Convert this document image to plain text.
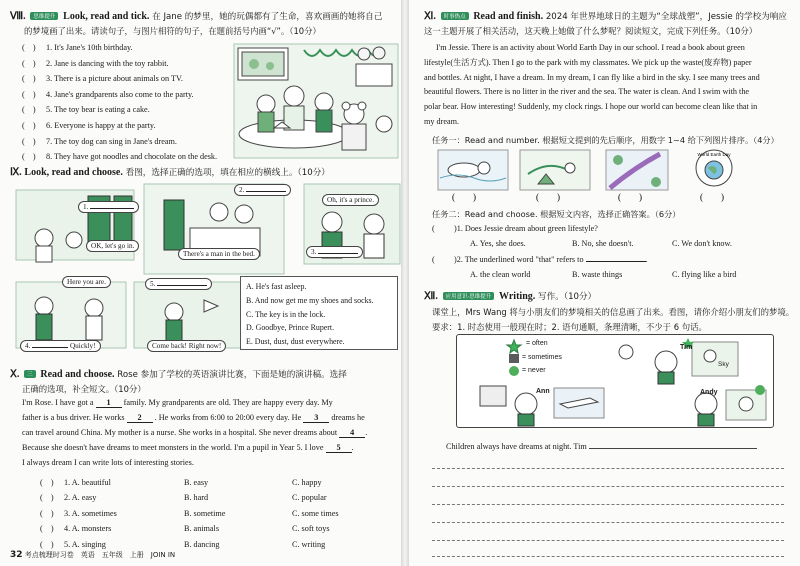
Ⅷ. 思维提升 Look, read and tick. 在 Jane 的梦里，她的玩偶都有了生命，喜欢画画的她将自己
的梦境画了出来。请读句子，与图片相符的句子，在题前括号内画“√”。（10分）
(　) 1. It's Jane's 10th birthday.
(　) 2. Jane is dancing with the toy rabbit.
(　) 3. There is a picture about animals on TV.
(　) 4. Jane's grandparents also come to the party.
(　) 5. The toy bear is eating a cake.
(　) 6. Everyone is happy at the party.
(　) 7. The toy dog can sing in Jane's dream.
(　) 8. They have got noodles and chocolate on the desk.
Ⅸ. Look, read and choose. 看图，选择正确的选项，填在相应的横线上。（10分）
1.
OK, let's go in.
2.
Oh, it's a prince.
There's a man in the bed.	3.
Here you are.	5.
4.	Quickly!	Come back! Right now!
A. He's fast asleep.
B. And now get me my shoes and socks.
C. The key is in the lock.
D. Goodbye, Prince Rupert.
E. Dust, dust, dust everywhere.
Ⅹ. 三 Read and choose. Rose 参加了学校的英语演讲比赛，下面是她的演讲稿。选择
正确的选项，补全短文。（10分）
I'm Rose. I have got a 1 family. My grandparents are old. They are happy every day. My
father is a bus driver. He works 2 . He works from 6:00 to 20:00 every day. He 3 dreams he
can travel around China. My mother is a nurse. She works in a hospital. She never dreams about 4 .
Because she doesn't have dreams to meet monsters in the world. I'm a pupil in Year 5. I love 5 .
I always dream I can write lots of interesting stories.
(　) 1. A. beautiful	B. easy	C. happy
(　) 2. A. easy	B. hard	C. popular
(　) 3. A. sometimes	B. sometime	C. some times
(　) 4. A. monsters	B. animals	C. soft toys
(　) 5. A. singing	B. dancing	C. writing
32 考点梳理时习卷　英语　五年级　上册　JOIN IN
Ⅺ. 时事热点 Read and finish. 2024 年世界地球日的主题为“全球战塑”，Jessie 的学校为响应
这一主题开展了相关活动，这天晚上她做了什么梦呢？阅读短文，完成下列任务。（10分）
I'm Jessie. There is an activity about World Earth Day in our school. I read a book about green
lifestyle(生活方式). Then I go to the park with my classmates. We pick up the waste(废弃物) paper
and bottles. At night, I have a dream. In my dream, I can fly like a bird in the sky. I see many trees and
beautiful flowers. There is no litter in the river and the sea. The water is clean. And I swim with the
polar bear. How interesting! Suddenly, my clock rings. I hope our world can become clean like that in
my dream.
任务一：Read and number. 根据短文提到的先后顺序，用数字 1~4 给下列图片排序。（4分）
World Earth Day
(　　)	(　　)	(　　)	(　　)
任务二：Read and choose. 根据短文内容，选择正确答案。（6分）
( )1. Does Jessie dream about green lifestyle?
A. Yes, she does.	B. No, she doesn't.	C. We don't know.
( )2. The underlined word "that" refers to	.
A. the clean world	B. waste things	C. flying like a bird
Ⅻ. 应用意识·思维提升 Writing. 写作。（10分）
课堂上，Mrs Wang 将与小朋友们的梦境相关的信息画了出来。看图，请你介绍小朋友们的梦境。
要求：1. 时态使用一般现在时；2. 语句通顺，条理清晰，不少于 6 句话。
= often
= sometimes
= never
Tim
Sky
Ann	Andy
Children always have dreams at night. Tim
